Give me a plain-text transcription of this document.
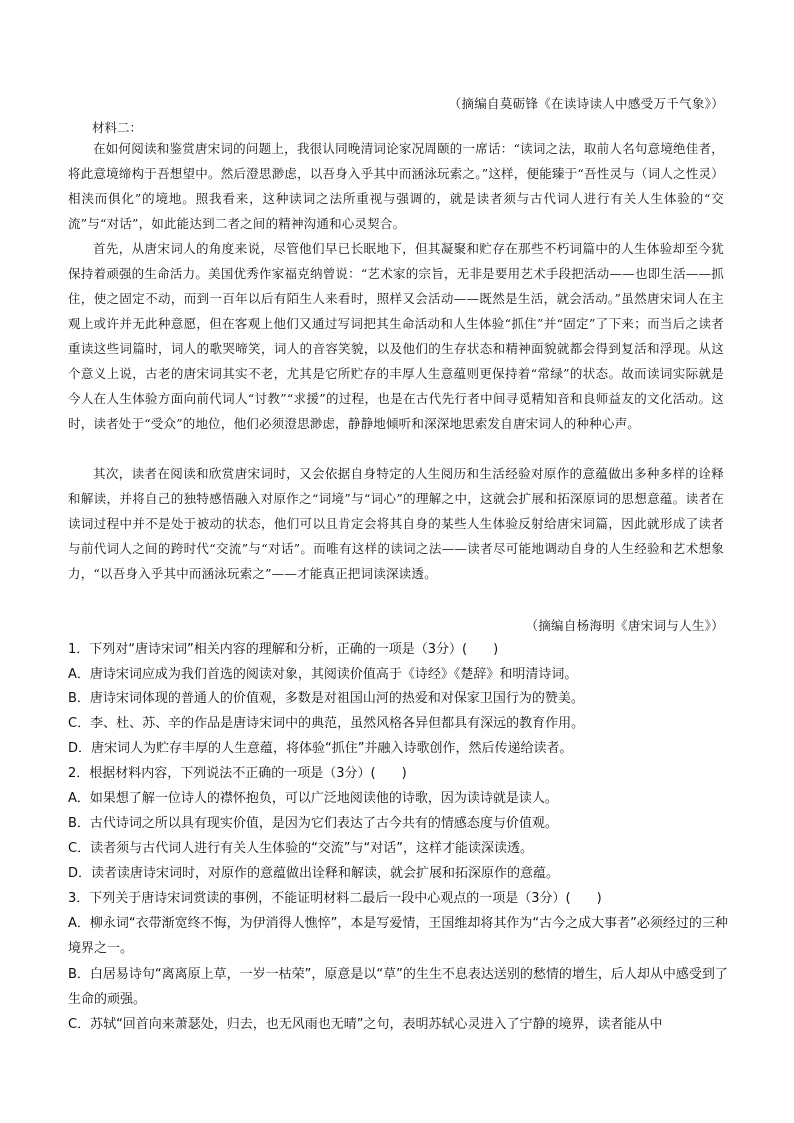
（摘编自莫砺锋《在读诗读人中感受万千气象》）
材料二：

在如何阅读和鉴赏唐宋词的问题上，我很认同晚清词论家况周颐的一席话：“读词之法，取前人名句意境绝佳者，将此意境缔构于吾想望中。然后澄思渺虑，以吾身入乎其中而涵泳玩索之。”这样，便能臻于“吾性灵与（词人之性灵）相浃而俱化”的境地。照我看来，这种读词之法所重视与强调的，就是读者须与古代词人进行有关人生体验的“交流”与“对话”，如此能达到二者之间的精神沟通和心灵契合。

首先，从唐宋词人的角度来说，尽管他们早已长眠地下，但其凝聚和贮存在那些不朽词篇中的人生体验却至今犹保持着顽强的生命活力。美国优秀作家福克纳曾说：“艺术家的宗旨，无非是要用艺术手段把活动——也即生活——抓住，使之固定不动，而到一百年以后有陌生人来看时，照样又会活动——既然是生活，就会活动。”虽然唐宋词人在主观上或许并无此种意愿，但在客观上他们又通过写词把其生命活动和人生体验“抓住”并“固定”了下来；而当后之读者重读这些词篇时，词人的歌哭啼笑，词人的音容笑貌，以及他们的生存状态和精神面貌就都会得到复活和浮现。从这个意义上说，古老的唐宋词其实不老，尤其是它所贮存的丰厚人生意蕴则更保持着“常绿”的状态。故而读词实际就是今人在人生体验方面向前代词人“讨教”“求援”的过程，也是在古代先行者中间寻觅精知音和良师益友的文化活动。这时，读者处于“受众”的地位，他们必须澄思渺虑，静静地倾听和深深地思索发自唐宋词人的种种心声。

其次，读者在阅读和欣赏唐宋词时，又会依据自身特定的人生阅历和生活经验对原作的意蕴做出多种多样的诠释和解读，并将自己的独特感悟融入对原作之“词境”与“词心”的理解之中，这就会扩展和拓深原词的思想意蕴。读者在读词过程中并不是处于被动的状态，他们可以且肯定会将其自身的某些人生体验反射给唐宋词篇，因此就形成了读者与前代词人之间的跨时代“交流”与“对话”。而唯有这样的读词之法——读者尽可能地调动自身的人生经验和艺术想象力，“以吾身入乎其中而涵泳玩索之”——才能真正把词读深读透。

（摘编自杨海明《唐宋词与人生》）

1．下列对“唐诗宋词”相关内容的理解和分析，正确的一项是（3分）(　　)

A．唐诗宋词应成为我们首选的阅读对象，其阅读价值高于《诗经》《楚辞》和明清诗词。

B．唐诗宋词体现的普通人的价值观，多数是对祖国山河的热爱和对保家卫国行为的赞美。

C．李、杜、苏、辛的作品是唐诗宋词中的典范，虽然风格各异但都具有深远的教育作用。

D．唐宋词人为贮存丰厚的人生意蕴，将体验“抓住”并融入诗歌创作，然后传递给读者。

2．根据材料内容，下列说法不正确的一项是（3分）(　　)

A．如果想了解一位诗人的襟怀抱负，可以广泛地阅读他的诗歌，因为读诗就是读人。

B．古代诗词之所以具有现实价值，是因为它们表达了古今共有的情感态度与价值观。

C．读者须与古代词人进行有关人生体验的“交流”与“对话”，这样才能读深读透。

D．读者读唐诗宋词时，对原作的意蕴做出诠释和解读，就会扩展和拓深原作的意蕴。

3．下列关于唐诗宋词赏读的事例，不能证明材料二最后一段中心观点的一项是（3分）(　　)

A．柳永词“衣带渐宽终不悔，为伊消得人憔悴”，本是写爱情，王国维却将其作为“古今之成大事者”必须经过的三种境界之一。

B．白居易诗句“离离原上草，一岁一枯荣”，原意是以“草”的生生不息表达送别的愁情的增生，后人却从中感受到了生命的顽强。

C．苏轼“回首向来萧瑟处，归去，也无风雨也无晴”之句，表明苏轼心灵进入了宁静的境界，读者能从中
